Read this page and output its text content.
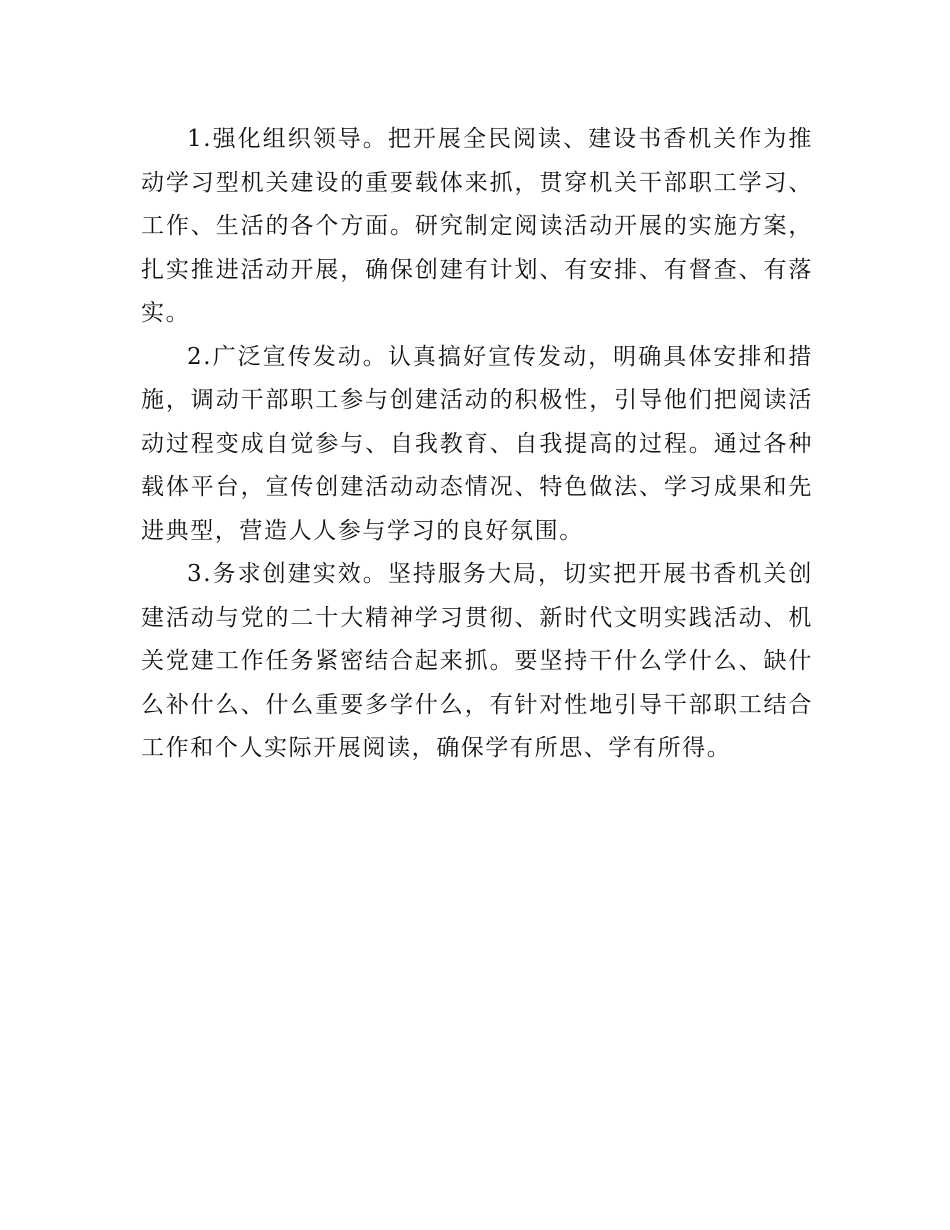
1.强化组织领导。把开展全民阅读、建设书香机关作为推动学习型机关建设的重要载体来抓，贯穿机关干部职工学习、工作、生活的各个方面。研究制定阅读活动开展的实施方案，扎实推进活动开展，确保创建有计划、有安排、有督查、有落实。

2.广泛宣传发动。认真搞好宣传发动，明确具体安排和措施，调动干部职工参与创建活动的积极性，引导他们把阅读活动过程变成自觉参与、自我教育、自我提高的过程。通过各种载体平台，宣传创建活动动态情况、特色做法、学习成果和先进典型，营造人人参与学习的良好氛围。

3.务求创建实效。坚持服务大局，切实把开展书香机关创建活动与党的二十大精神学习贯彻、新时代文明实践活动、机关党建工作任务紧密结合起来抓。要坚持干什么学什么、缺什么补什么、什么重要多学什么，有针对性地引导干部职工结合工作和个人实际开展阅读，确保学有所思、学有所得。
